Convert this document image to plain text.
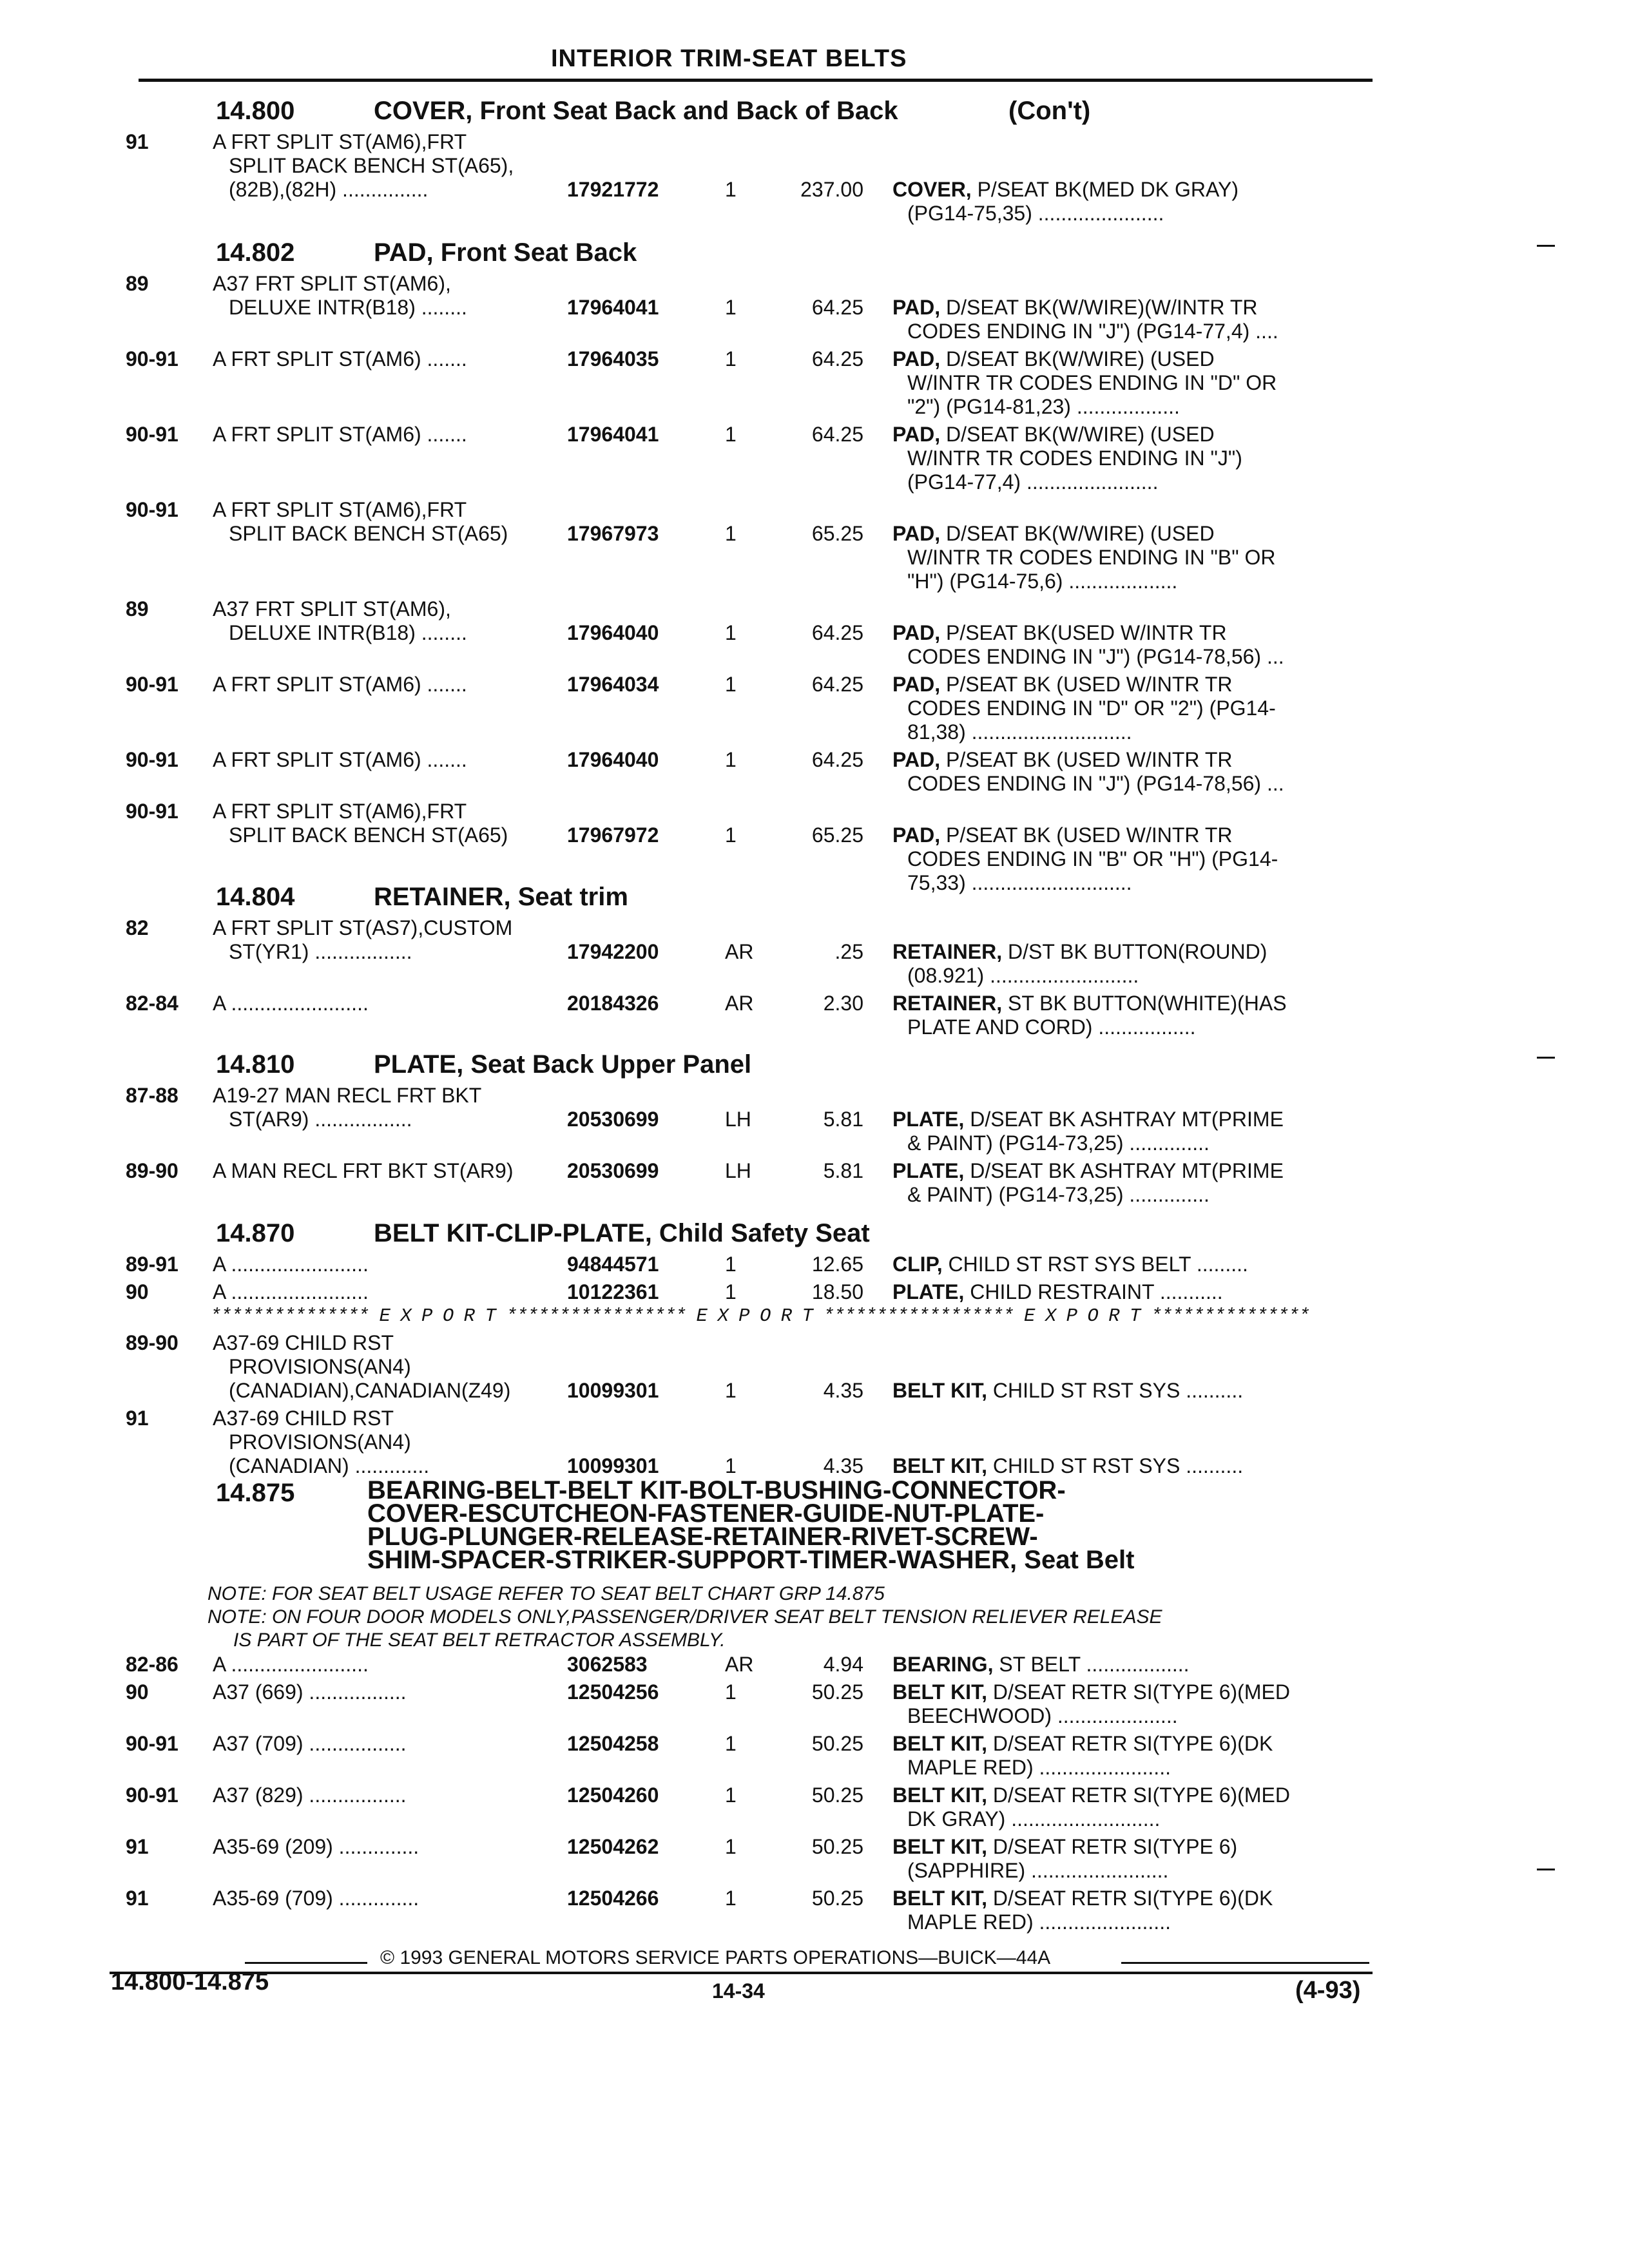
INTERIOR TRIM-SEAT BELTS
14.800	COVER, Front Seat Back and Back of Back	(Con't)
91	A FRT SPLIT ST(AM6),FRT
SPLIT BACK BENCH ST(A65),
(82B),(82H) ...............	17921772	1	237.00 COVER, P/SEAT BK(MED DK GRAY)
(PG14-75,35) ......................
14.802	PAD, Front Seat Back
89	A37 FRT SPLIT ST(AM6),
DELUXE INTR(B18) ........	17964041	1	64.25 PAD, D/SEAT BK(W/WIRE)(W/INTR TR
CODES ENDING IN "J") (PG14-77,4) ....
90-91 A FRT SPLIT ST(AM6) .......	17964035	1	64.25 PAD, D/SEAT BK(W/WIRE) (USED
W/INTR TR CODES ENDING IN "D" OR
"2") (PG14-81,23) ..................
90-91 A FRT SPLIT ST(AM6) .......	17964041	1	64.25 PAD, D/SEAT BK(W/WIRE) (USED
W/INTR TR CODES ENDING IN "J")
(PG14-77,4) .......................
90-91 A FRT SPLIT ST(AM6),FRT
SPLIT BACK BENCH ST(A65)	17967973	1	65.25 PAD, D/SEAT BK(W/WIRE) (USED
W/INTR TR CODES ENDING IN "B" OR
"H") (PG14-75,6) ...................
89	A37 FRT SPLIT ST(AM6),
DELUXE INTR(B18) ........	17964040	1	64.25 PAD, P/SEAT BK(USED W/INTR TR
CODES ENDING IN "J") (PG14-78,56) ...
90-91 A FRT SPLIT ST(AM6) .......	17964034	1	64.25 PAD, P/SEAT BK (USED W/INTR TR
CODES ENDING IN "D" OR "2") (PG14-
81,38) ............................
90-91 A FRT SPLIT ST(AM6) .......	17964040	1	64.25 PAD, P/SEAT BK (USED W/INTR TR
CODES ENDING IN "J") (PG14-78,56) ...
90-91 A FRT SPLIT ST(AM6),FRT
SPLIT BACK BENCH ST(A65)	17967972	1	65.25 PAD, P/SEAT BK (USED W/INTR TR
CODES ENDING IN "B" OR "H") (PG14-
75,33) ............................
14.804	RETAINER, Seat trim
82	A FRT SPLIT ST(AS7),CUSTOM
ST(YR1) .................	17942200	AR	.25 RETAINER, D/ST BK BUTTON(ROUND)
(08.921) ..........................
82-84 A ........................	20184326	AR	2.30 RETAINER, ST BK BUTTON(WHITE)(HAS
PLATE AND CORD) .................
14.810	PLATE, Seat Back Upper Panel
87-88 A19-27 MAN RECL FRT BKT
ST(AR9) .................	20530699	LH	5.81 PLATE, D/SEAT BK ASHTRAY MT(PRIME
& PAINT) (PG14-73,25) ..............
89-90 A MAN RECL FRT BKT ST(AR9)	20530699	LH	5.81 PLATE, D/SEAT BK ASHTRAY MT(PRIME
& PAINT) (PG14-73,25) ..............
14.870	BELT KIT-CLIP-PLATE, Child Safety Seat
89-91 A ........................	94844571	1	12.65 CLIP, CHILD ST RST SYS BELT .........
90	A ........................	10122361	1	18.50 PLATE, CHILD RESTRAINT ...........
*************** E X P O R T ***************** E X P O R T ****************** E X P O R T ***************
89-90 A37-69 CHILD RST
PROVISIONS(AN4)
(CANADIAN),CANADIAN(Z49)	10099301	1	4.35 BELT KIT, CHILD ST RST SYS ..........
91	A37-69 CHILD RST
PROVISIONS(AN4)
(CANADIAN) .............	10099301	1	4.35 BELT KIT, CHILD ST RST SYS ..........
14.875	BEARING-BELT-BELT KIT-BOLT-BUSHING-CONNECTOR-
COVER-ESCUTCHEON-FASTENER-GUIDE-NUT-PLATE-
PLUG-PLUNGER-RELEASE-RETAINER-RIVET-SCREW-
SHIM-SPACER-STRIKER-SUPPORT-TIMER-WASHER, Seat Belt
NOTE: FOR SEAT BELT USAGE REFER TO SEAT BELT CHART GRP 14.875
NOTE: ON FOUR DOOR MODELS ONLY,PASSENGER/DRIVER SEAT BELT TENSION RELIEVER RELEASE
IS PART OF THE SEAT BELT RETRACTOR ASSEMBLY.
82-86 A ........................	3062583	AR	4.94 BEARING, ST BELT ..................
90	A37 (669) .................	12504256	1	50.25 BELT KIT, D/SEAT RETR SI(TYPE 6)(MED
BEECHWOOD) .....................
90-91 A37 (709) .................	12504258	1	50.25 BELT KIT, D/SEAT RETR SI(TYPE 6)(DK
MAPLE RED) .......................
90-91 A37 (829) .................	12504260	1	50.25 BELT KIT, D/SEAT RETR SI(TYPE 6)(MED
DK GRAY) ..........................
91	A35-69 (209) ..............	12504262	1	50.25 BELT KIT, D/SEAT RETR SI(TYPE 6)
(SAPPHIRE) ........................
91	A35-69 (709) ..............	12504266	1	50.25 BELT KIT, D/SEAT RETR SI(TYPE 6)(DK
MAPLE RED) .......................
© 1993 GENERAL MOTORS SERVICE PARTS OPERATIONS—BUICK—44A
14.800-14.875	14-34	(4-93)
